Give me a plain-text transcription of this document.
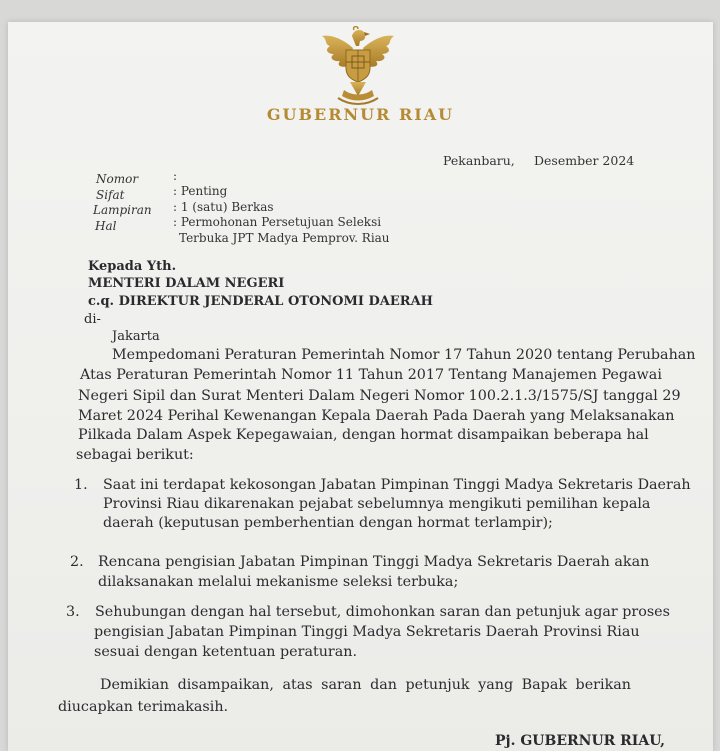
GUBERNUR RIAU
Pekanbaru, Desember 2024
Nomor	:
Sifat	: Penting
Lampiran : 1 (satu) Berkas
Hal	: Permohonan Persetujuan Seleksi
Terbuka JPT Madya Pemprov. Riau
Kepada Yth.
MENTERI DALAM NEGERI
c.q. DIREKTUR JENDERAL OTONOMI DAERAH
di-
Jakarta
Mempedomani Peraturan Pemerintah Nomor 17 Tahun 2020 tentang Perubahan
Atas Peraturan Pemerintah Nomor 11 Tahun 2017 Tentang Manajemen Pegawai
Negeri Sipil dan Surat Menteri Dalam Negeri Nomor 100.2.1.3/1575/SJ tanggal 29
Maret 2024 Perihal Kewenangan Kepala Daerah Pada Daerah yang Melaksanakan
Pilkada Dalam Aspek Kepegawaian, dengan hormat disampaikan beberapa hal
sebagai berikut:
1. Saat ini terdapat kekosongan Jabatan Pimpinan Tinggi Madya Sekretaris Daerah
Provinsi Riau dikarenakan pejabat sebelumnya mengikuti pemilihan kepala
daerah (keputusan pemberhentian dengan hormat terlampir);
2. Rencana pengisian Jabatan Pimpinan Tinggi Madya Sekretaris Daerah akan
dilaksanakan melalui mekanisme seleksi terbuka;
3. Sehubungan dengan hal tersebut, dimohonkan saran dan petunjuk agar proses
pengisian Jabatan Pimpinan Tinggi Madya Sekretaris Daerah Provinsi Riau
sesuai dengan ketentuan peraturan.
Demikian disampaikan, atas saran dan petunjuk yang Bapak berikan
diucapkan terimakasih.
Pj. GUBERNUR RIAU,
